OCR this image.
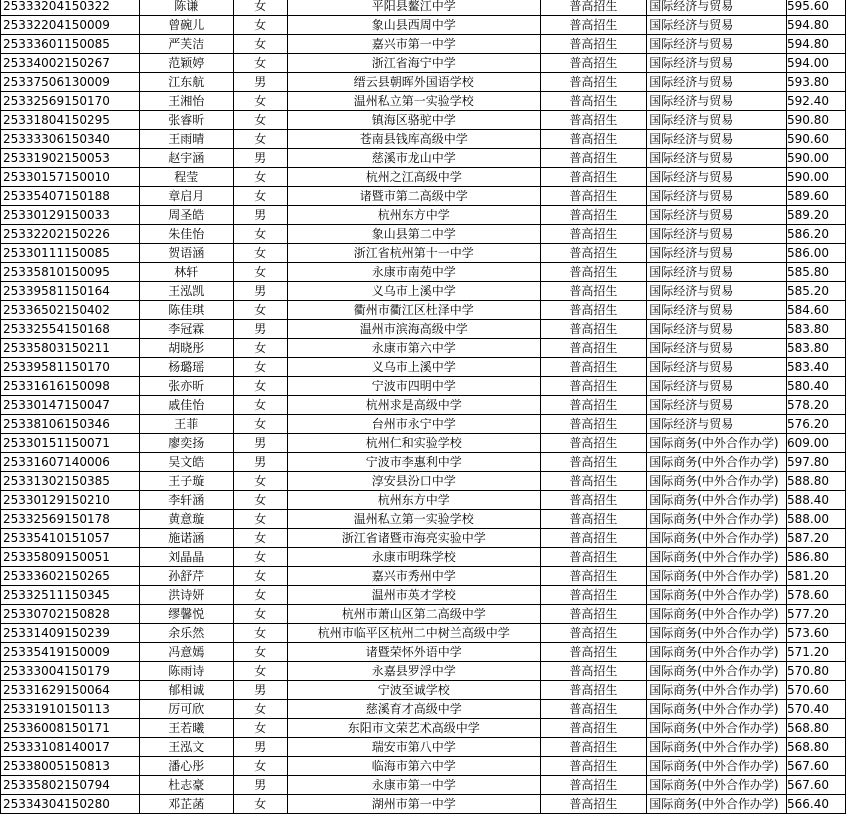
25333204150322	陈谦	女	平阳县鳌江中学	普高招生	国际经济与贸易	595.60
25332204150009	曾碗儿	女	象山县西周中学	普高招生	国际经济与贸易	594.80
25333601150085	严芙洁	女	嘉兴市第一中学	普高招生	国际经济与贸易	594.80
25334002150267	范颖婷	女	浙江省海宁中学	普高招生	国际经济与贸易	594.00
25337506130009	江东航	男	缙云县朝晖外国语学校	普高招生	国际经济与贸易	593.80
25332569150170	王湘怡	女	温州私立第一实验学校	普高招生	国际经济与贸易	592.40
25331804150295	张睿昕	女	镇海区骆驼中学	普高招生	国际经济与贸易	590.80
25333306150340	王雨晴	女	苍南县钱库高级中学	普高招生	国际经济与贸易	590.60
25331902150053	赵宇涵	男	慈溪市龙山中学	普高招生	国际经济与贸易	590.00
25330157150010	程莹	女	杭州之江高级中学	普高招生	国际经济与贸易	590.00
25335407150188	章启月	女	诸暨市第二高级中学	普高招生	国际经济与贸易	589.60
25330129150033	周圣皓	男	杭州东方中学	普高招生	国际经济与贸易	589.20
25332202150226	朱佳怡	女	象山县第二中学	普高招生	国际经济与贸易	586.20
25330111150085	贺语涵	女	浙江省杭州第十一中学	普高招生	国际经济与贸易	586.00
25335810150095	林轩	女	永康市南苑中学	普高招生	国际经济与贸易	585.80
25339581150164	王泓凯	男	义乌市上溪中学	普高招生	国际经济与贸易	585.20
25336502150402	陈佳琪	女	衢州市衢江区杜泽中学	普高招生	国际经济与贸易	584.60
25332554150168	李冠霖	男	温州市滨海高级中学	普高招生	国际经济与贸易	583.80
25335803150211	胡晓彤	女	永康市第六中学	普高招生	国际经济与贸易	583.80
25339581150170	杨璐瑶	女	义乌市上溪中学	普高招生	国际经济与贸易	583.40
25331616150098	张亦昕	女	宁波市四明中学	普高招生	国际经济与贸易	580.40
25330147150047	戚佳怡	女	杭州求是高级中学	普高招生	国际经济与贸易	578.20
25338106150346	王菲	女	台州市永宁中学	普高招生	国际经济与贸易	576.20
25330151150071	廖奕扬	男	杭州仁和实验学校	普高招生	国际商务(中外合作办学)	609.00
25331607140006	吴文皓	男	宁波市李惠利中学	普高招生	国际商务(中外合作办学)	597.80
25331302150385	王子璇	女	淳安县汾口中学	普高招生	国际商务(中外合作办学)	588.80
25330129150210	李轩涵	女	杭州东方中学	普高招生	国际商务(中外合作办学)	588.40
25332569150178	黄意璇	女	温州私立第一实验学校	普高招生	国际商务(中外合作办学)	588.00
25335410151057	施诺涵	女	浙江省诸暨市海亮实验中学	普高招生	国际商务(中外合作办学)	587.20
25335809150051	刘晶晶	女	永康市明珠学校	普高招生	国际商务(中外合作办学)	586.80
25333602150265	孙舒芹	女	嘉兴市秀州中学	普高招生	国际商务(中外合作办学)	581.20
25332511150345	洪诗妍	女	温州市英才学校	普高招生	国际商务(中外合作办学)	578.60
25330702150828	缪馨悦	女	杭州市萧山区第二高级中学	普高招生	国际商务(中外合作办学)	577.20
25331409150239	余乐然	女	杭州市临平区杭州二中树兰高级中学	普高招生	国际商务(中外合作办学)	573.60
25335419150009	冯意嫣	女	诸暨荣怀外语中学	普高招生	国际商务(中外合作办学)	571.20
25333004150179	陈雨诗	女	永嘉县罗浮中学	普高招生	国际商务(中外合作办学)	570.80
25331629150064	郁相诚	男	宁波至诚学校	普高招生	国际商务(中外合作办学)	570.60
25331910150113	厉可欣	女	慈溪育才高级中学	普高招生	国际商务(中外合作办学)	570.40
25336008150171	王若曦	女	东阳市文荣艺术高级中学	普高招生	国际商务(中外合作办学)	568.80
25333108140017	王泓文	男	瑞安市第八中学	普高招生	国际商务(中外合作办学)	568.80
25338005150813	潘心彤	女	临海市第六中学	普高招生	国际商务(中外合作办学)	567.60
25335802150794	杜志豪	男	永康市第一中学	普高招生	国际商务(中外合作办学)	567.60
25334304150280	邓芷菡	女	湖州市第一中学	普高招生	国际商务(中外合作办学)	566.40
